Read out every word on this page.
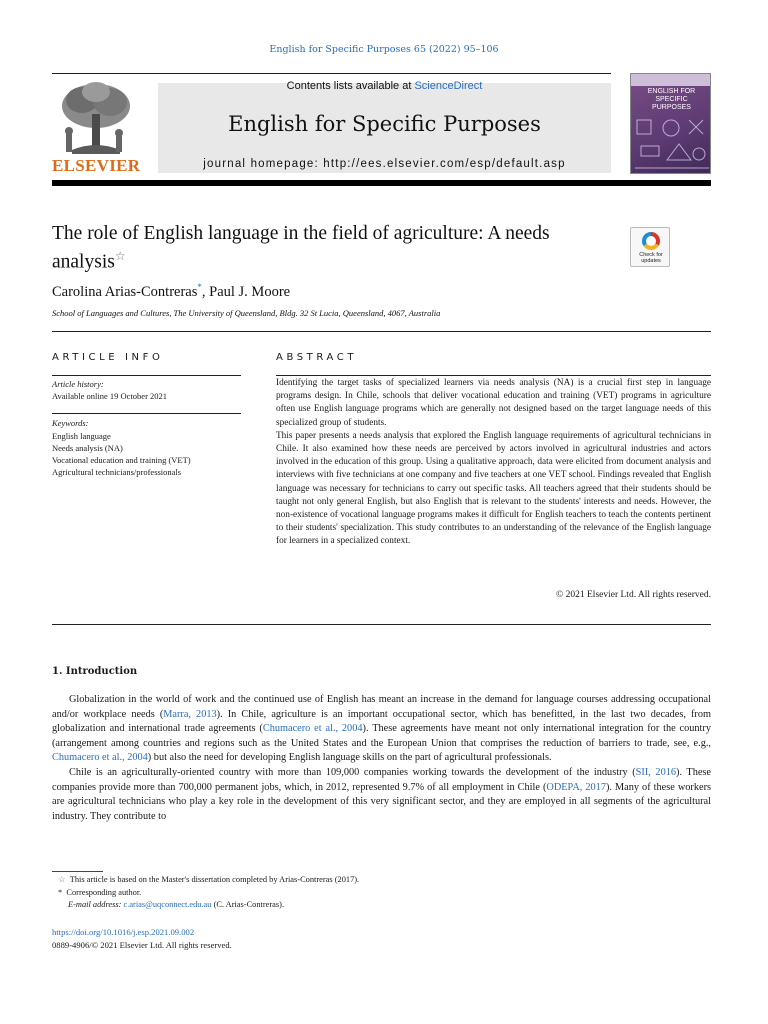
English for Specific Purposes 65 (2022) 95–106
ELSEVIER
Contents lists available at ScienceDirect
English for Specific Purposes
journal homepage: http://ees.elsevier.com/esp/default.asp
ENGLISH FOR SPECIFIC PURPOSES
The role of English language in the field of agriculture: A needs analysis☆	Check for updates
Carolina Arias-Contreras*, Paul J. Moore
School of Languages and Cultures, The University of Queensland, Bldg. 32 St Lucia, Queensland, 4067, Australia
ARTICLE INFO
Article history:
Available online 19 October 2021
Keywords:
English language
Needs analysis (NA)
Vocational education and training (VET)
Agricultural technicians/professionals
ABSTRACT

Identifying the target tasks of specialized learners via needs analysis (NA) is a crucial first step in language programs design. In Chile, schools that deliver vocational education and training (VET) programs in agriculture often use English language programs which are generally not designed based on the target language needs of this specialized group of students.

This paper presents a needs analysis that explored the English language requirements of agricultural technicians in Chile. It also examined how these needs are perceived by actors involved in agricultural industries and actors involved in the education of this group. Using a qualitative approach, data were elicited from document analysis and interviews with five technicians at one company and five teachers at one VET school. Findings revealed that English language was necessary for technicians to carry out specific tasks. All teachers agreed that their students should be taught not only general English, but also English that is relevant to the students' interests and needs. However, the non-existence of vocational language programs makes it difficult for English teachers to teach the contents pertinent to their students' specialization. This study contributes to an understanding of the relevance of the English language for learners in a specialized context.

© 2021 Elsevier Ltd. All rights reserved.
1. Introduction

Globalization in the world of work and the continued use of English has meant an increase in the demand for language courses addressing occupational and/or workplace needs (Marra, 2013). In Chile, agriculture is an important occupational sector, which has benefitted, in the last two decades, from globalization and international trade agreements (Chumacero et al., 2004). These agreements have meant not only international integration for the country (arrangement among countries and regions such as the United States and the European Union that comprises the reduction of barriers to trade, see, e.g., Chumacero et al., 2004) but also the need for developing English language skills on the part of agricultural professionals.

Chile is an agriculturally-oriented country with more than 109,000 companies working towards the development of the industry (SII, 2016). These companies provide more than 700,000 permanent jobs, which, in 2012, represented 9.7% of all employment in Chile (ODEPA, 2017). Many of these workers are agricultural technicians who play a key role in the development of this very significant sector, and they are employed in all segments of the agricultural industry. They contribute to

☆ This article is based on the Master's dissertation completed by Arias-Contreras (2017).
* Corresponding author.
E-mail address: c.arias@uqconnect.edu.au (C. Arias-Contreras).
https://doi.org/10.1016/j.esp.2021.09.002
0889-4906/© 2021 Elsevier Ltd. All rights reserved.
